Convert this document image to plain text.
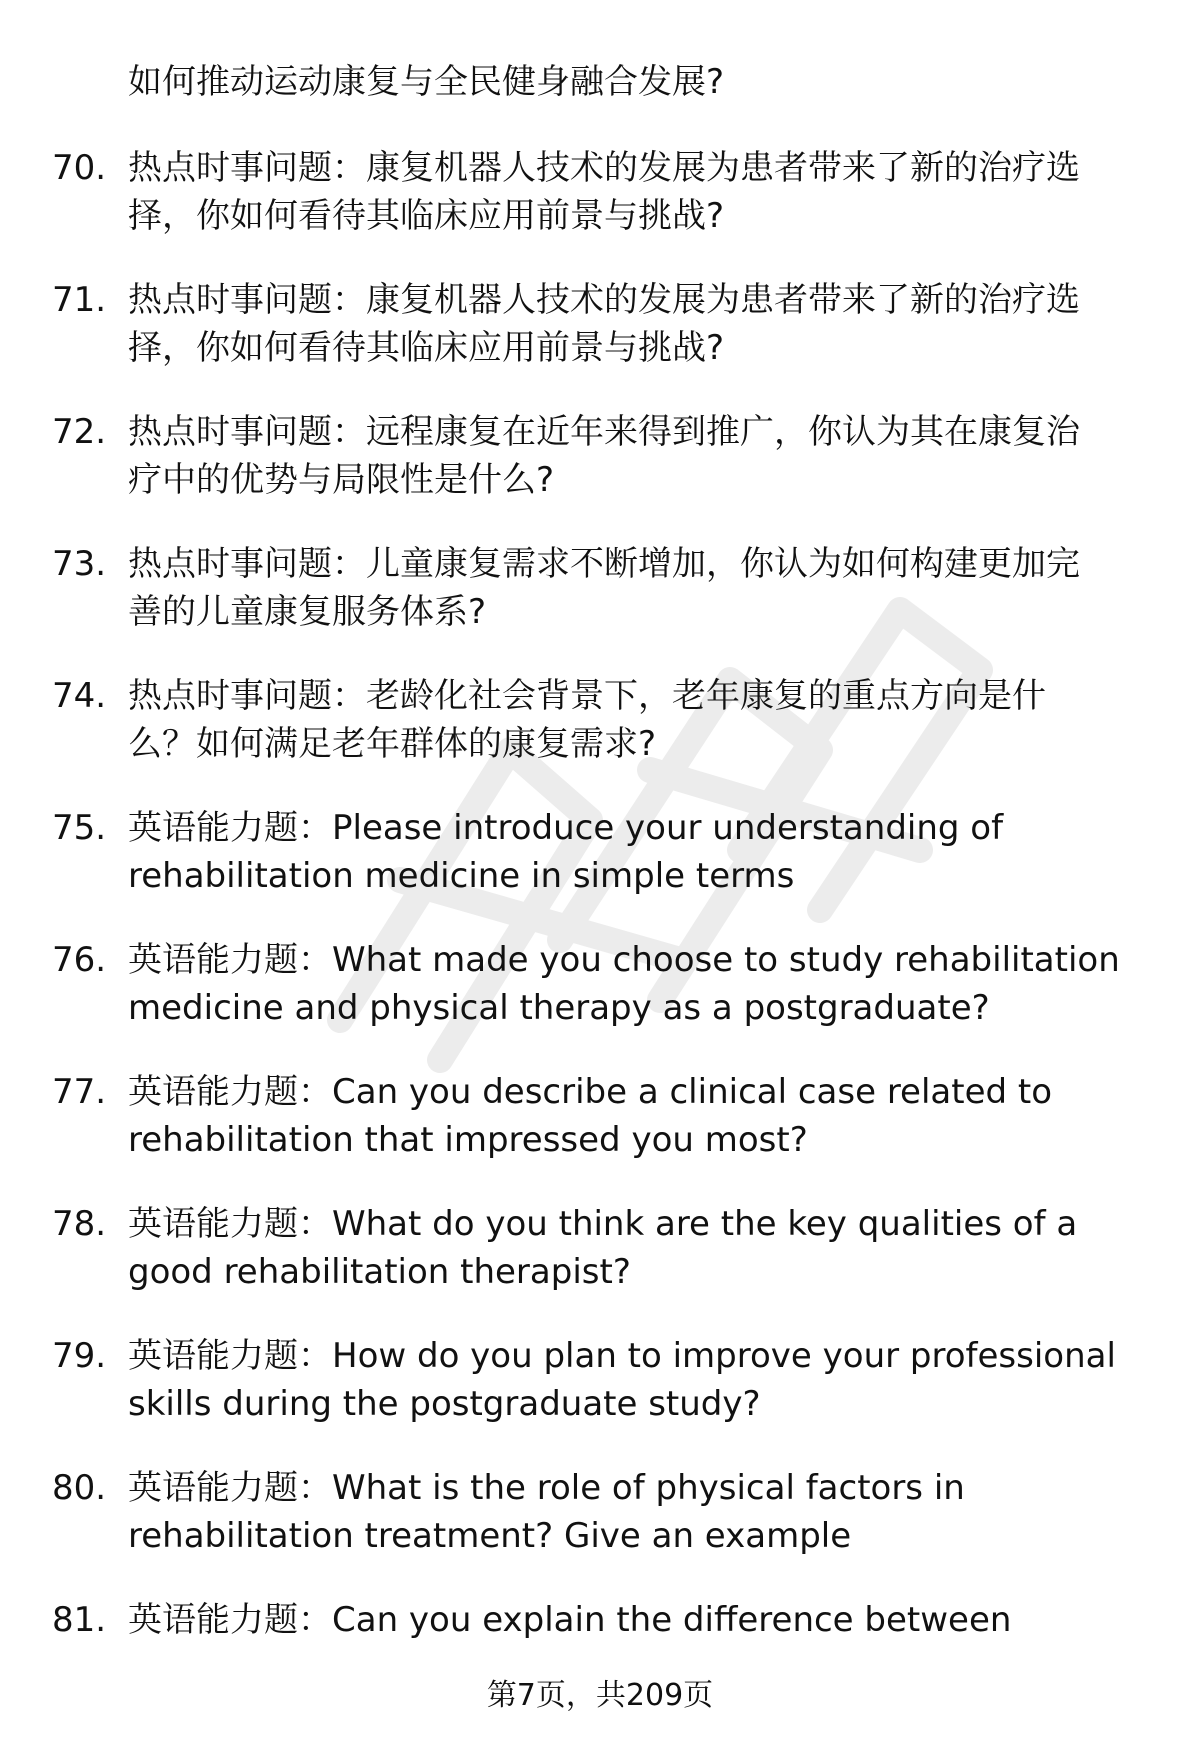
如何推动运动康复与全民健身融合发展?
70. 热点时事问题：康复机器人技术的发展为患者带来了新的治疗选
择，你如何看待其临床应用前景与挑战?
71. 热点时事问题：康复机器人技术的发展为患者带来了新的治疗选
择，你如何看待其临床应用前景与挑战?
72. 热点时事问题：远程康复在近年来得到推广，你认为其在康复治
疗中的优势与局限性是什么?
73. 热点时事问题：儿童康复需求不断增加，你认为如何构建更加完
善的儿童康复服务体系?
74. 热点时事问题：老龄化社会背景下，老年康复的重点方向是什
么？如何满足老年群体的康复需求?
75. 英语能力题：Please introduce your understanding of
rehabilitation medicine in simple terms
76. 英语能力题：What made you choose to study rehabilitation
medicine and physical therapy as a postgraduate?
77. 英语能力题：Can you describe a clinical case related to
rehabilitation that impressed you most?
78. 英语能力题：What do you think are the key qualities of a
good rehabilitation therapist?
79. 英语能力题：How do you plan to improve your professional
skills during the postgraduate study?
80. 英语能力题：What is the role of physical factors in
rehabilitation treatment? Give an example
81. 英语能力题：Can you explain the difference between
第7页，共209页
